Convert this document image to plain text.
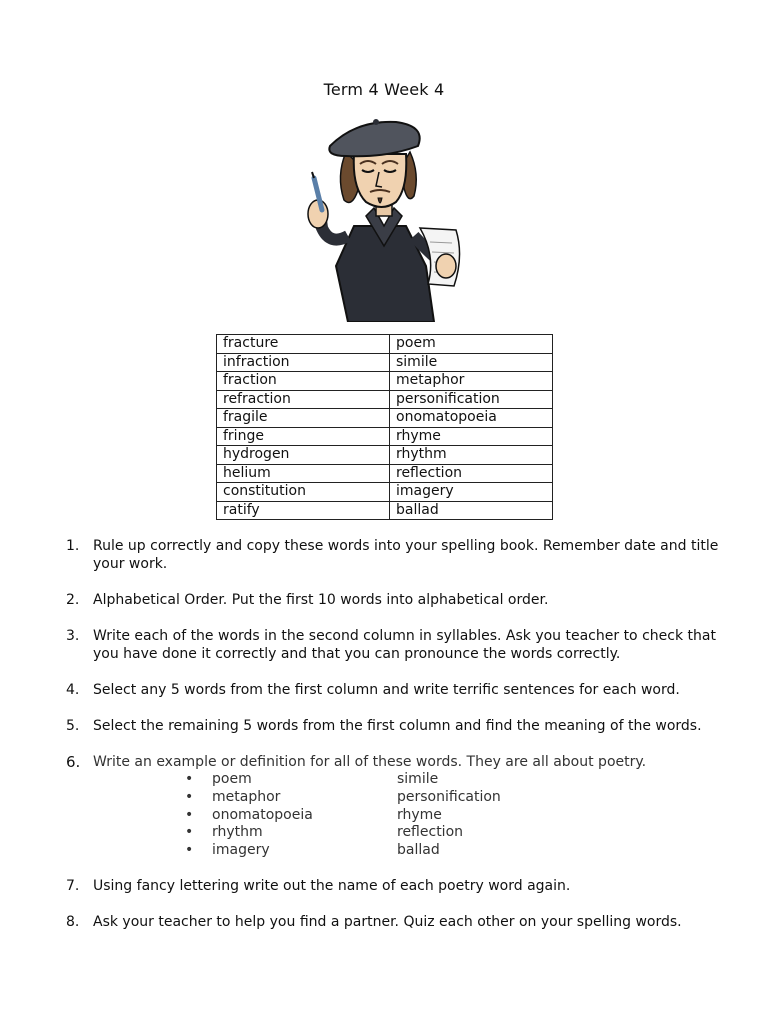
Term 4 Week 4
fracture	poem
infraction	simile
fraction	metaphor
refraction	personification
fragile	onomatopoeia
fringe	rhyme
hydrogen	rhythm
helium	reflection
constitution	imagery
ratify	ballad
1. Rule up correctly and copy these words into your spelling book. Remember date and title your work.
2. Alphabetical Order. Put the first 10 words into alphabetical order.
3. Write each of the words in the second column in syllables. Ask you teacher to check that you have done it correctly and that you can pronounce the words correctly.
4. Select any 5 words from the first column and write terrific sentences for each word.
5. Select the remaining 5 words from the first column and find the meaning of the words.
6. Write an example or definition for all of these words. They are all about poetry.
•	poem	simile
•	metaphor	personification
•	onomatopoeia	rhyme
•	rhythm	reflection
•	imagery	ballad
7. Using fancy lettering write out the name of each poetry word again.
8. Ask your teacher to help you find a partner. Quiz each other on your spelling words.
